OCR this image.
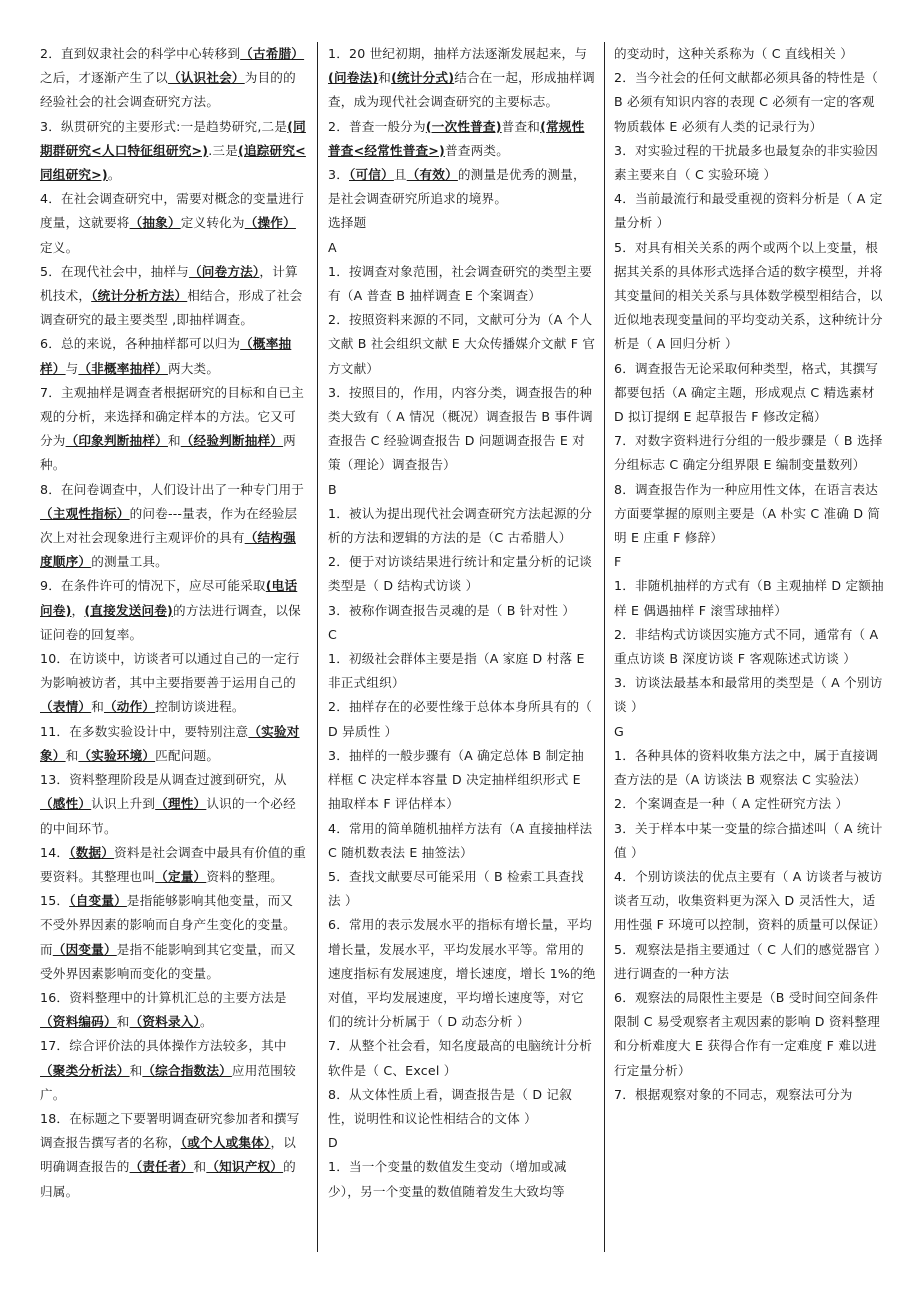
2．直到奴隶社会的科学中心转移到（古希腊）之后，才逐渐产生了以（认识社会）为目的的经验社会的社会调查研究方法。

3．纵贯研究的主要形式:一是趋势研究,二是(同期群研究<人口特征组研究>).三是(追踪研究<同组研究>)。

4．在社会调查研究中，需要对概念的变量进行度量，这就要将（抽象）定义转化为（操作）定义。

5．在现代社会中，抽样与（问卷方法），计算机技术，（统计分析方法）相结合，形成了社会调查研究的最主要类型 ,即抽样调查。

6．总的来说，各种抽样都可以归为（概率抽样）与（非概率抽样）两大类。

7．主观抽样是调查者根据研究的目标和自已主观的分析，来选择和确定样本的方法。它又可分为（印象判断抽样）和（经验判断抽样）两种。

8．在问卷调查中，人们设计出了一种专门用于（主观性指标）的问卷---量表，作为在经验层次上对社会现象进行主观评价的具有（结构强度顺序）的测量工具。

9．在条件许可的情况下，应尽可能采取(电话问卷)，(直接发送问卷)的方法进行调查，以保证问卷的回复率。

10．在访谈中，访谈者可以通过自己的一定行为影响被访者，其中主要指要善于运用自己的（表情）和（动作）控制访谈进程。

11．在多数实验设计中，要特别注意（实验对象）和（实验环境）匹配问题。

13．资料整理阶段是从调查过渡到研究，从（感性）认识上升到（理性）认识的一个必经的中间环节。

14．（数据）资料是社会调查中最具有价值的重要资料。其整理也叫（定量）资料的整理。

15．（自变量）是指能够影响其他变量，而又不受外界因素的影响而自身产生变化的变量。而（因变量）是指不能影响到其它变量，而又受外界因素影响而变化的变量。

16．资料整理中的计算机汇总的主要方法是（资料编码）和（资料录入）。

17．综合评价法的具体操作方法较多，其中（聚类分析法）和（综合指数法）应用范围较广。

18．在标题之下要署明调查研究参加者和撰写调查报告撰写者的名称，（或个人或集体），以明确调查报告的（责任者）和（知识产权）的归属。

1．20 世纪初期，抽样方法逐渐发展起来，与(问卷法)和(统计分式)结合在一起，形成抽样调查，成为现代社会调查研究的主要标志。

2．普查一般分为(一次性普查)普查和(常规性普查<经常性普查>)普查两类。

3．（可信）且（有效）的测量是优秀的测量，是社会调查研究所追求的境界。

选择题

A

1．按调查对象范围，社会调查研究的类型主要有（A 普查 B 抽样调查 E 个案调查）

2．按照资料来源的不同，文献可分为（A 个人文献 B 社会组织文献 E 大众传播媒介文献 F 官方文献）

3．按照目的，作用，内容分类，调查报告的种类大致有（ A 情况（概况）调查报告 B 事件调查报告 C 经验调查报告 D 问题调查报告 E 对策（理论）调查报告）

B

1．被认为提出现代社会调查研究方法起源的分析的方法和逻辑的方法的是（C 古希腊人）

2．便于对访谈结果进行统计和定量分析的记谈类型是（ D 结构式访谈 ）

3．被称作调查报告灵魂的是（ B 针对性 ）

C

1．初级社会群体主要是指（A 家庭 D 村落 E 非正式组织）

2．抽样存在的必要性缘于总体本身所具有的（ D 异质性 ）

3．抽样的一般步骤有（A 确定总体 B 制定抽样框 C 决定样本容量 D 决定抽样组织形式 E 抽取样本 F 评估样本）

4．常用的简单随机抽样方法有（A 直接抽样法 C 随机数表法 E 抽签法）

5．查找文献要尽可能采用（ B 检索工具查找法 ）

6．常用的表示发展水平的指标有增长量，平均增长量，发展水平，平均发展水平等。常用的速度指标有发展速度，增长速度，增长 1%的绝对值，平均发展速度，平均增长速度等，对它们的统计分析属于（ D 动态分析 ）

7．从整个社会看，知名度最高的电脑统计分析软件是（ C、Excel ）

8．从文体性质上看，调查报告是（ D 记叙性，说明性和议论性相结合的文体 ）

D

1．当一个变量的数值发生变动（增加或减少），另一个变量的数值随着发生大致均等

的变动时，这种关系称为（ C 直线相关 ）

2．当今社会的任何文献都必须具备的特性是（ B 必须有知识内容的表现 C 必须有一定的客观物质载体 E 必须有人类的记录行为）

3．对实验过程的干扰最多也最复杂的非实验因素主要来自（ C 实验环境 ）

4．当前最流行和最受重视的资料分析是（ A 定量分析 ）

5．对具有相关关系的两个或两个以上变量，根据其关系的具体形式选择合适的数字模型，并将其变量间的相关关系与具体数学模型相结合，以近似地表现变量间的平均变动关系，这种统计分析是（ A 回归分析 ）

6．调查报告无论采取何种类型，格式，其撰写都要包括（A 确定主题，形成观点 C 精选素材 D 拟订提纲 E 起草报告 F 修改定稿）

7．对数字资料进行分组的一般步骤是（ B 选择分组标志 C 确定分组界限 E 编制变量数列）

8．调查报告作为一种应用性文体，在语言表达方面要掌握的原则主要是（A 朴实 C 准确 D 简明 E 庄重 F 修辞）

F

1．非随机抽样的方式有（B 主观抽样 D 定额抽样 E 偶遇抽样 F 滚雪球抽样）

2．非结构式访谈因实施方式不同，通常有（ A 重点访谈 B 深度访谈 F 客观陈述式访谈 ）

3．访谈法最基本和最常用的类型是（ A 个别访谈 ）

G

1．各种具体的资料收集方法之中，属于直接调查方法的是（A 访谈法 B 观察法 C 实验法）

2．个案调查是一种（ A 定性研究方法 ）

3．关于样本中某一变量的综合描述叫（ A 统计值 ）

4．个别访谈法的优点主要有（ A 访谈者与被访谈者互动，收集资料更为深入 D 灵活性大，适用性强 F 环境可以控制，资料的质量可以保证）

5．观察法是指主要通过（ C 人们的感觉器官 ）进行调查的一种方法

6．观察法的局限性主要是（B 受时间空间条件限制 C 易受观察者主观因素的影响 D 资料整理和分析难度大 E 获得合作有一定难度 F 难以进行定量分析）

7．根据观察对象的不同志，观察法可分为
